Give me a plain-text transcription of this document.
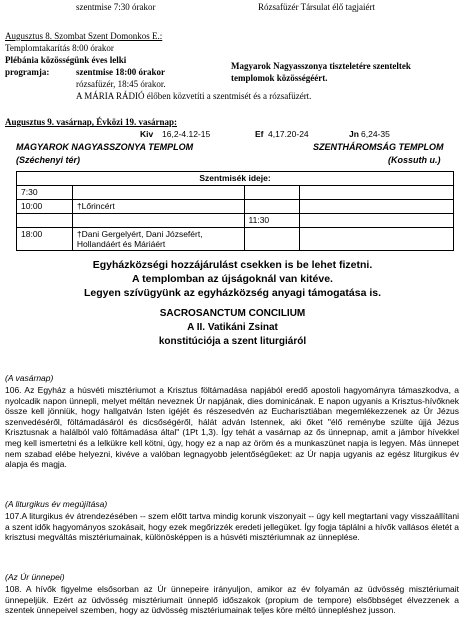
szentmise 7:30 órakor	Rózsafüzér Társulat élő tagjaiért
Augusztus 8. Szombat Szent Domonkos E.:
Templomtakarítás 8:00 órakor
Plébánia közösségünk éves lelki
programja:	szentmise 18:00 órakor
rózsafüzér, 18:45 órakor.
A MÁRIA RÁDIÓ élőben közvetíti a szentmisét és a rózsafüzért.
Magyarok Nagyasszonya tiszteletére szenteltek
templomok közösségéért.
Augusztus 9. vasárnap, Évközi 19. vasárnap:
Kiv 16,2-4.12-15	Ef 4,17.20-24	Jn 6,24-35
MAGYAROK NAGYASSZONYA TEMPLOM
(Széchenyi tér)
SZENTHÁROMSÁG TEMPLOM
(Kossuth u.)
Szentmisék ideje:			
7:30			
10:00	†Lőrincért		
		11:30	
18:00	†Dani Gergelyért, Dani Józsefért,
Hollandáért és Máriáért		

Egyházközségi hozzájárulást csekken is be lehet fizetni.
A templomban az újságoknál van kitéve.
Legyen szívügyünk az egyházközség anyagi támogatása is.
SACROSANCTUM CONCILIUM
A II. Vatikáni Zsinat
konstitúciója a szent liturgiáról
(A vasárnap)
106. Az Egyház a húsvéti misztériumot a Krisztus föltámadása napjából eredő apostoli hagyományra támaszkodva, a nyolcadik napon ünnepli, melyet méltán neveznek Úr napjának, dies dominicának. E napon ugyanis a Krisztus-hívőknek össze kell jönniük, hogy hallgatván Isten igéjét és részesedvén az Eucharisztiában megemlékezzenek az Úr Jézus szenvedéséről, föltámadásáról és dicsőségéről, hálát adván Istennek, aki őket "élő reménybe szülte újjá Jézus Krisztusnak a halálból való föltámadása által" (1Pt 1,3). Így tehát a vasárnap az ős ünnepnap, amit a jámbor hívekkel meg kell ismertetni és a lelkükre kell kötni, úgy, hogy ez a nap az öröm és a munkaszünet napja is legyen. Más ünnepet nem szabad elébe helyezni, kivéve a valóban legnagyobb jelentőségűeket: az Úr napja ugyanis az egész liturgikus év alapja és magja.
(A liturgikus év megújítása)
107.A liturgikus év átrendezésében -- szem előtt tartva mindig korunk viszonyait -- úgy kell megtartani vagy visszaállítani a szent idők hagyományos szokásait, hogy ezek megőrizzék eredeti jellegüket. Így fogja táplálni a hívők vallásos életét a krisztusi megváltás misztériumainak, különösképpen is a húsvéti misztériumnak az ünneplése.
(Az Úr ünnepei)
108. A hívők figyelme elsősorban az Úr ünnepeire irányuljon, amikor az év folyamán az üdvösség misztériumait ünnepeljük. Ezért az üdvösség misztériumait ünneplő időszakok (propium de tempore) elsőbbséget élvezzenek a szentek ünnepeivel szemben, hogy az üdvösség misztériumainak teljes köre méltó ünnepléshez jusson.
